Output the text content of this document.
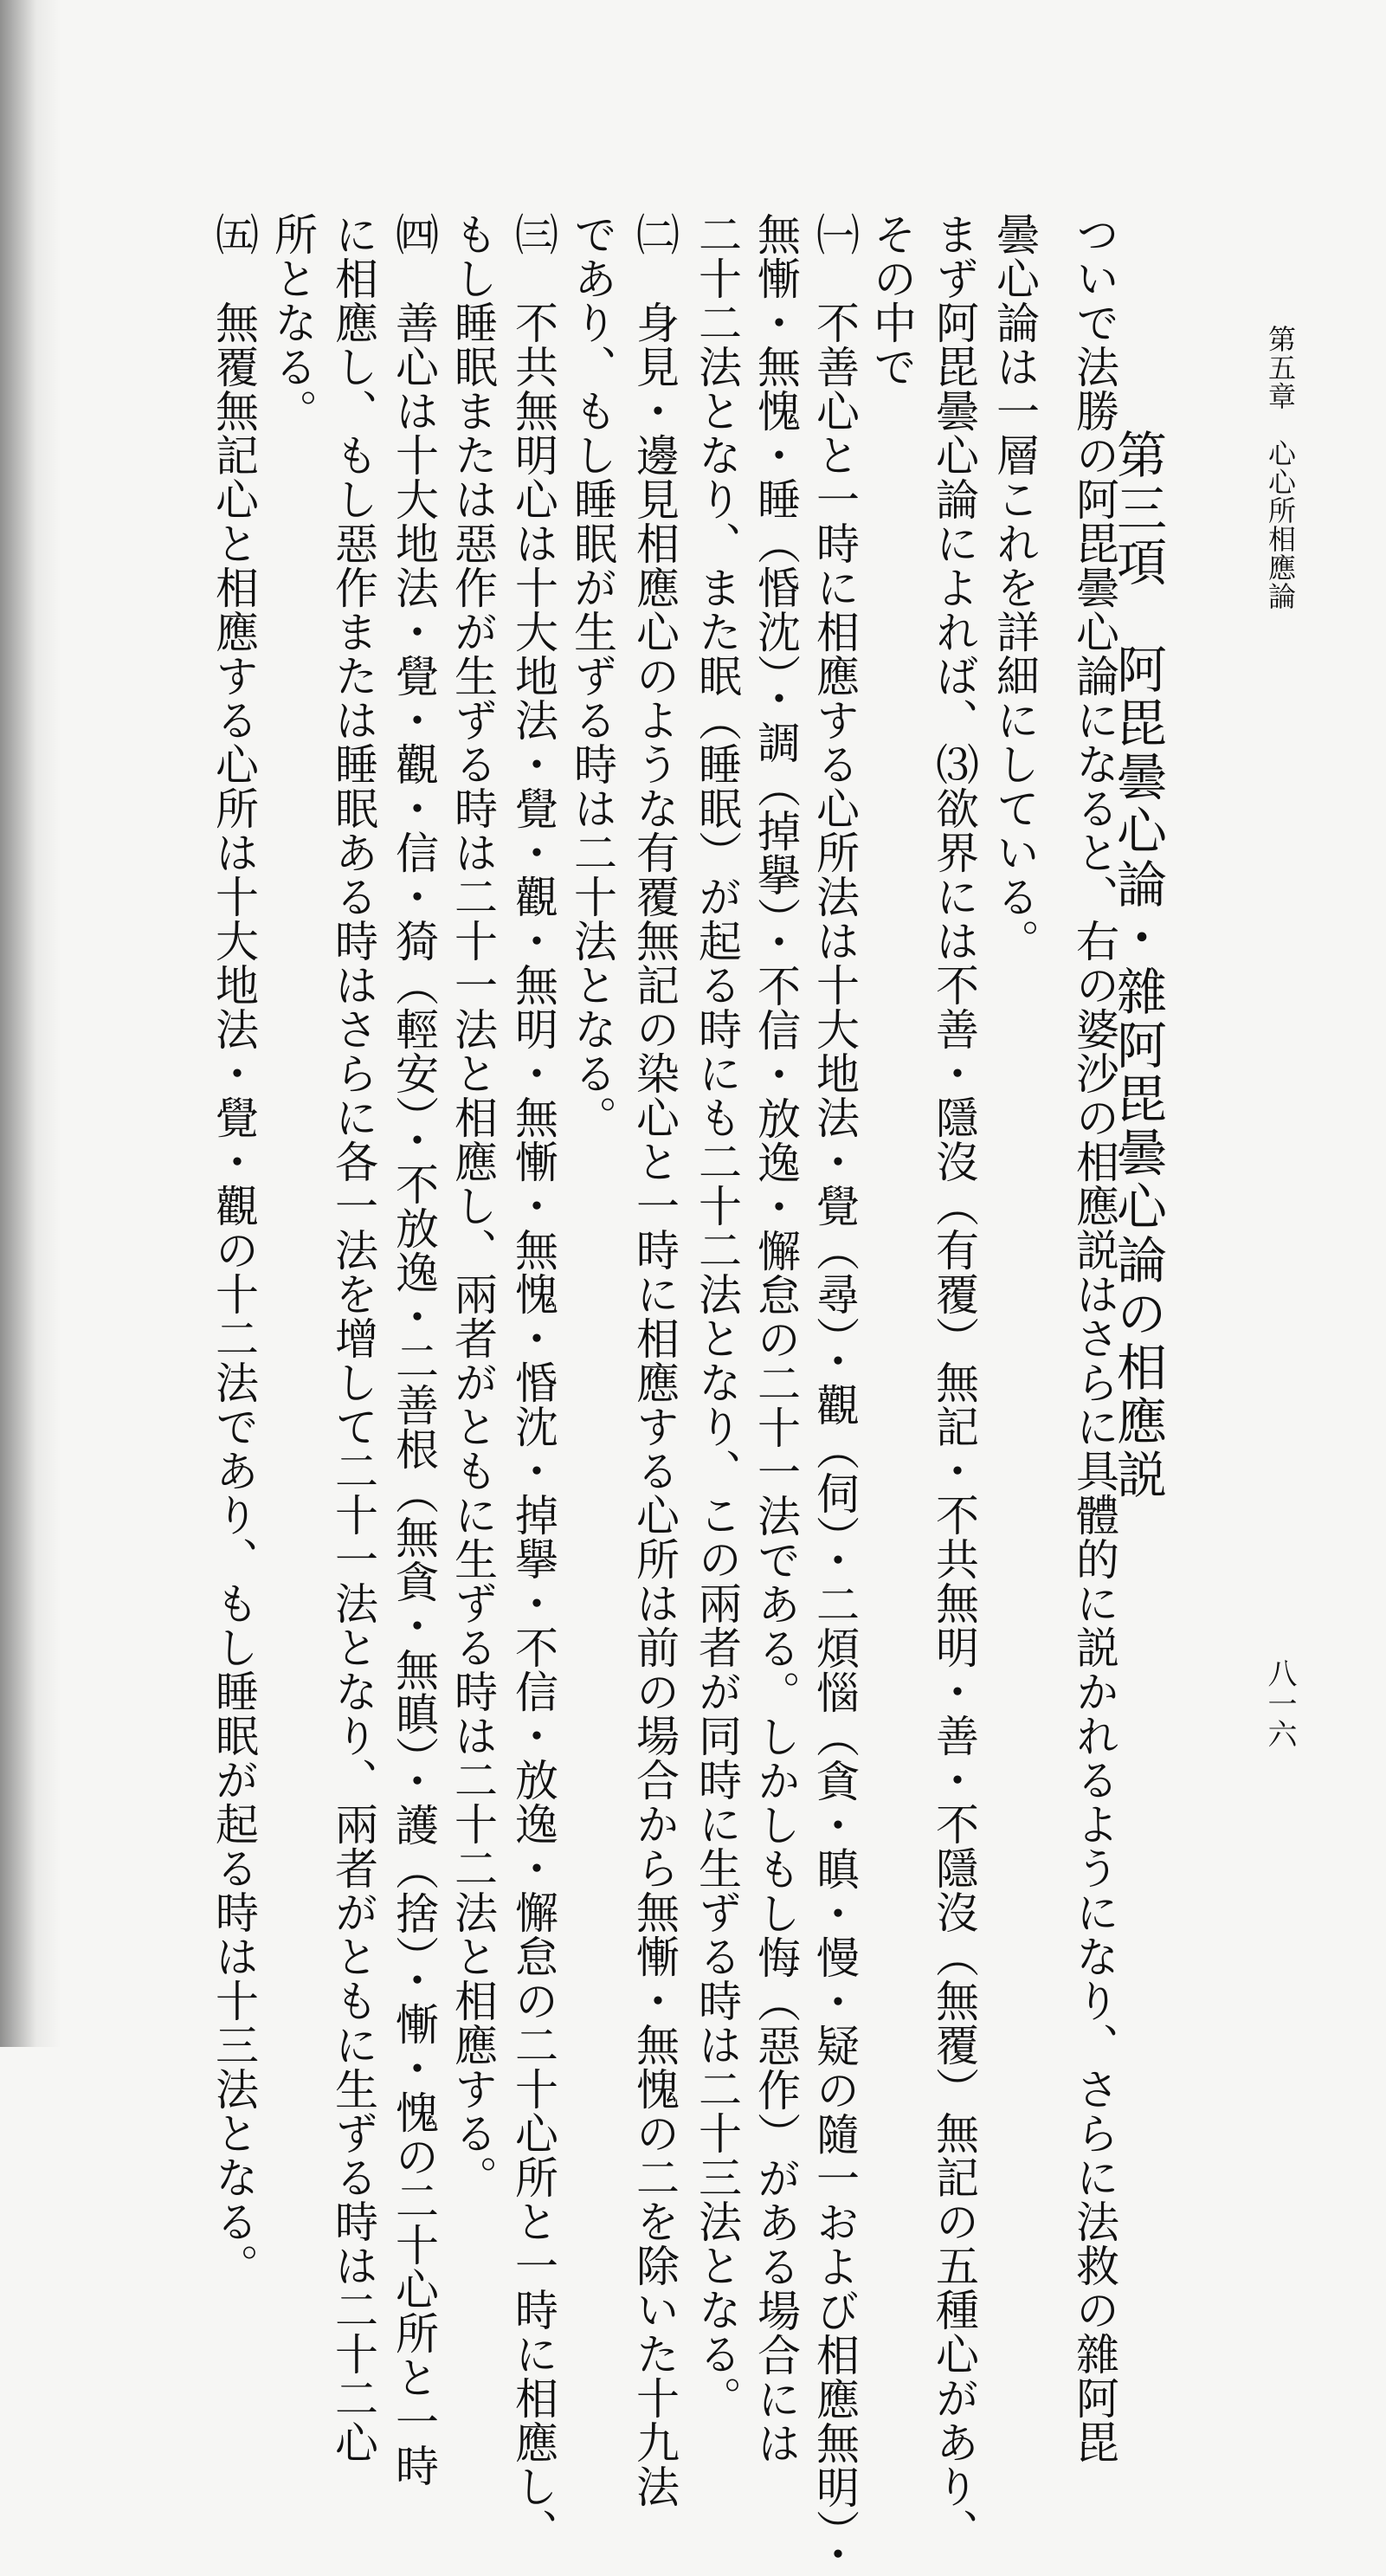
第五章　心心所相應論
八一六
第三項　阿毘曇心論・雜阿毘曇心論の相應説
ついで法勝の阿毘曇心論になると、右の婆沙の相應説はさらに具體的に説かれるようになり、さらに法救の雜阿毘
曇心論は一層これを詳細にしている。
まず阿毘曇心論によれば、⑶欲界には不善・隱沒（有覆）無記・不共無明・善・不隱沒（無覆）無記の五種心があり、
その中で
㈠　不善心と一時に相應する心所法は十大地法・覺（尋）・觀（伺）・二煩惱（貪・瞋・慢・疑の隨一および相應無明）・
無慚・無愧・睡（惛沈）・調（掉擧）・不信・放逸・懈怠の二十一法である。しかしもし悔（惡作）がある場合には
二十二法となり、また眠（睡眠）が起る時にも二十二法となり、この兩者が同時に生ずる時は二十三法となる。
㈡　身見・邊見相應心のような有覆無記の染心と一時に相應する心所は前の場合から無慚・無愧の二を除いた十九法
であり、もし睡眠が生ずる時は二十法となる。
㈢　不共無明心は十大地法・覺・觀・無明・無慚・無愧・惛沈・掉擧・不信・放逸・懈怠の二十心所と一時に相應し、
もし睡眠または惡作が生ずる時は二十一法と相應し、兩者がともに生ずる時は二十二法と相應する。
㈣　善心は十大地法・覺・觀・信・猗（輕安）・不放逸・二善根（無貪・無瞋）・護（捨）・慚・愧の二十心所と一時
に相應し、もし惡作または睡眠ある時はさらに各一法を增して二十一法となり、兩者がともに生ずる時は二十二心
所となる。
㈤　無覆無記心と相應する心所は十大地法・覺・觀の十二法であり、もし睡眠が起る時は十三法となる。
